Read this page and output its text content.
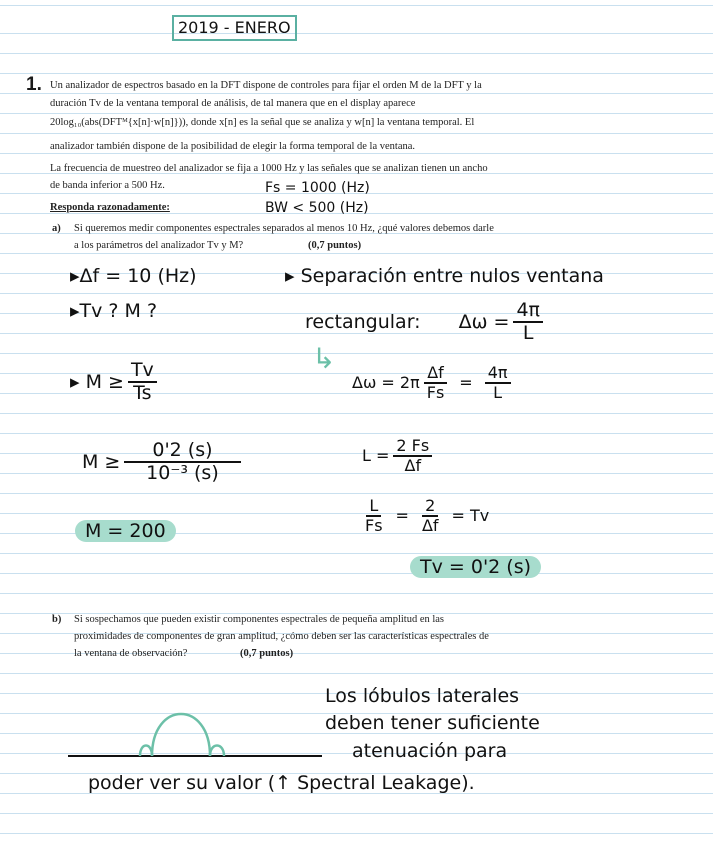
2019 - ENERO
1. Un analizador de espectros basado en la DFT dispone de controles para fijar el orden M de la DFT y la
duración Tv de la ventana temporal de análisis, de tal manera que en el display aparece
20log₁₀(abs(DFTᴹ{x[n]·w[n]})), donde x[n] es la señal que se analiza y w[n] la ventana temporal. El
analizador también dispone de la posibilidad de elegir la forma temporal de la ventana.
La frecuencia de muestreo del analizador se fija a 1000 Hz y las señales que se analizan tienen un ancho
de banda inferior a 500 Hz.
Responda razonadamente:
Fs = 1000 (Hz)
BW < 500 (Hz)
a) Si queremos medir componentes espectrales separados al menos 10 Hz, ¿qué valores debemos darle
a los parámetros del analizador Tv y M?	(0,7 puntos)
▸Δf = 10 (Hz)
▸Tv ? M ?
▸ $M \ge \frac{Tv}{Ts}$
$M \ge \frac{0'2 (s)}{\text{10⁻³ (s)}}$
M = 200
▸ Separación entre nulos ventana
rectangular: $\Delta\omega = \frac{4\pi}{L}$
↳
$\Delta\omega = 2\pi \frac{\Delta f}{Fs} = \frac{4\pi}{L}$
$L = \frac{2 Fs}{\Delta f}$
$\frac{L}{Fs} = \frac{2}{\Delta f} = Tv$
Tv = 0'2 (s)
b) Si sospechamos que pueden existir componentes espectrales de pequeña amplitud en las
proximidades de componentes de gran amplitud, ¿cómo deben ser las características espectrales de
la ventana de observación?	(0,7 puntos)
Los lóbulos laterales
deben tener suficiente
atenuación para
poder ver su valor (↑ Spectral Leakage).
